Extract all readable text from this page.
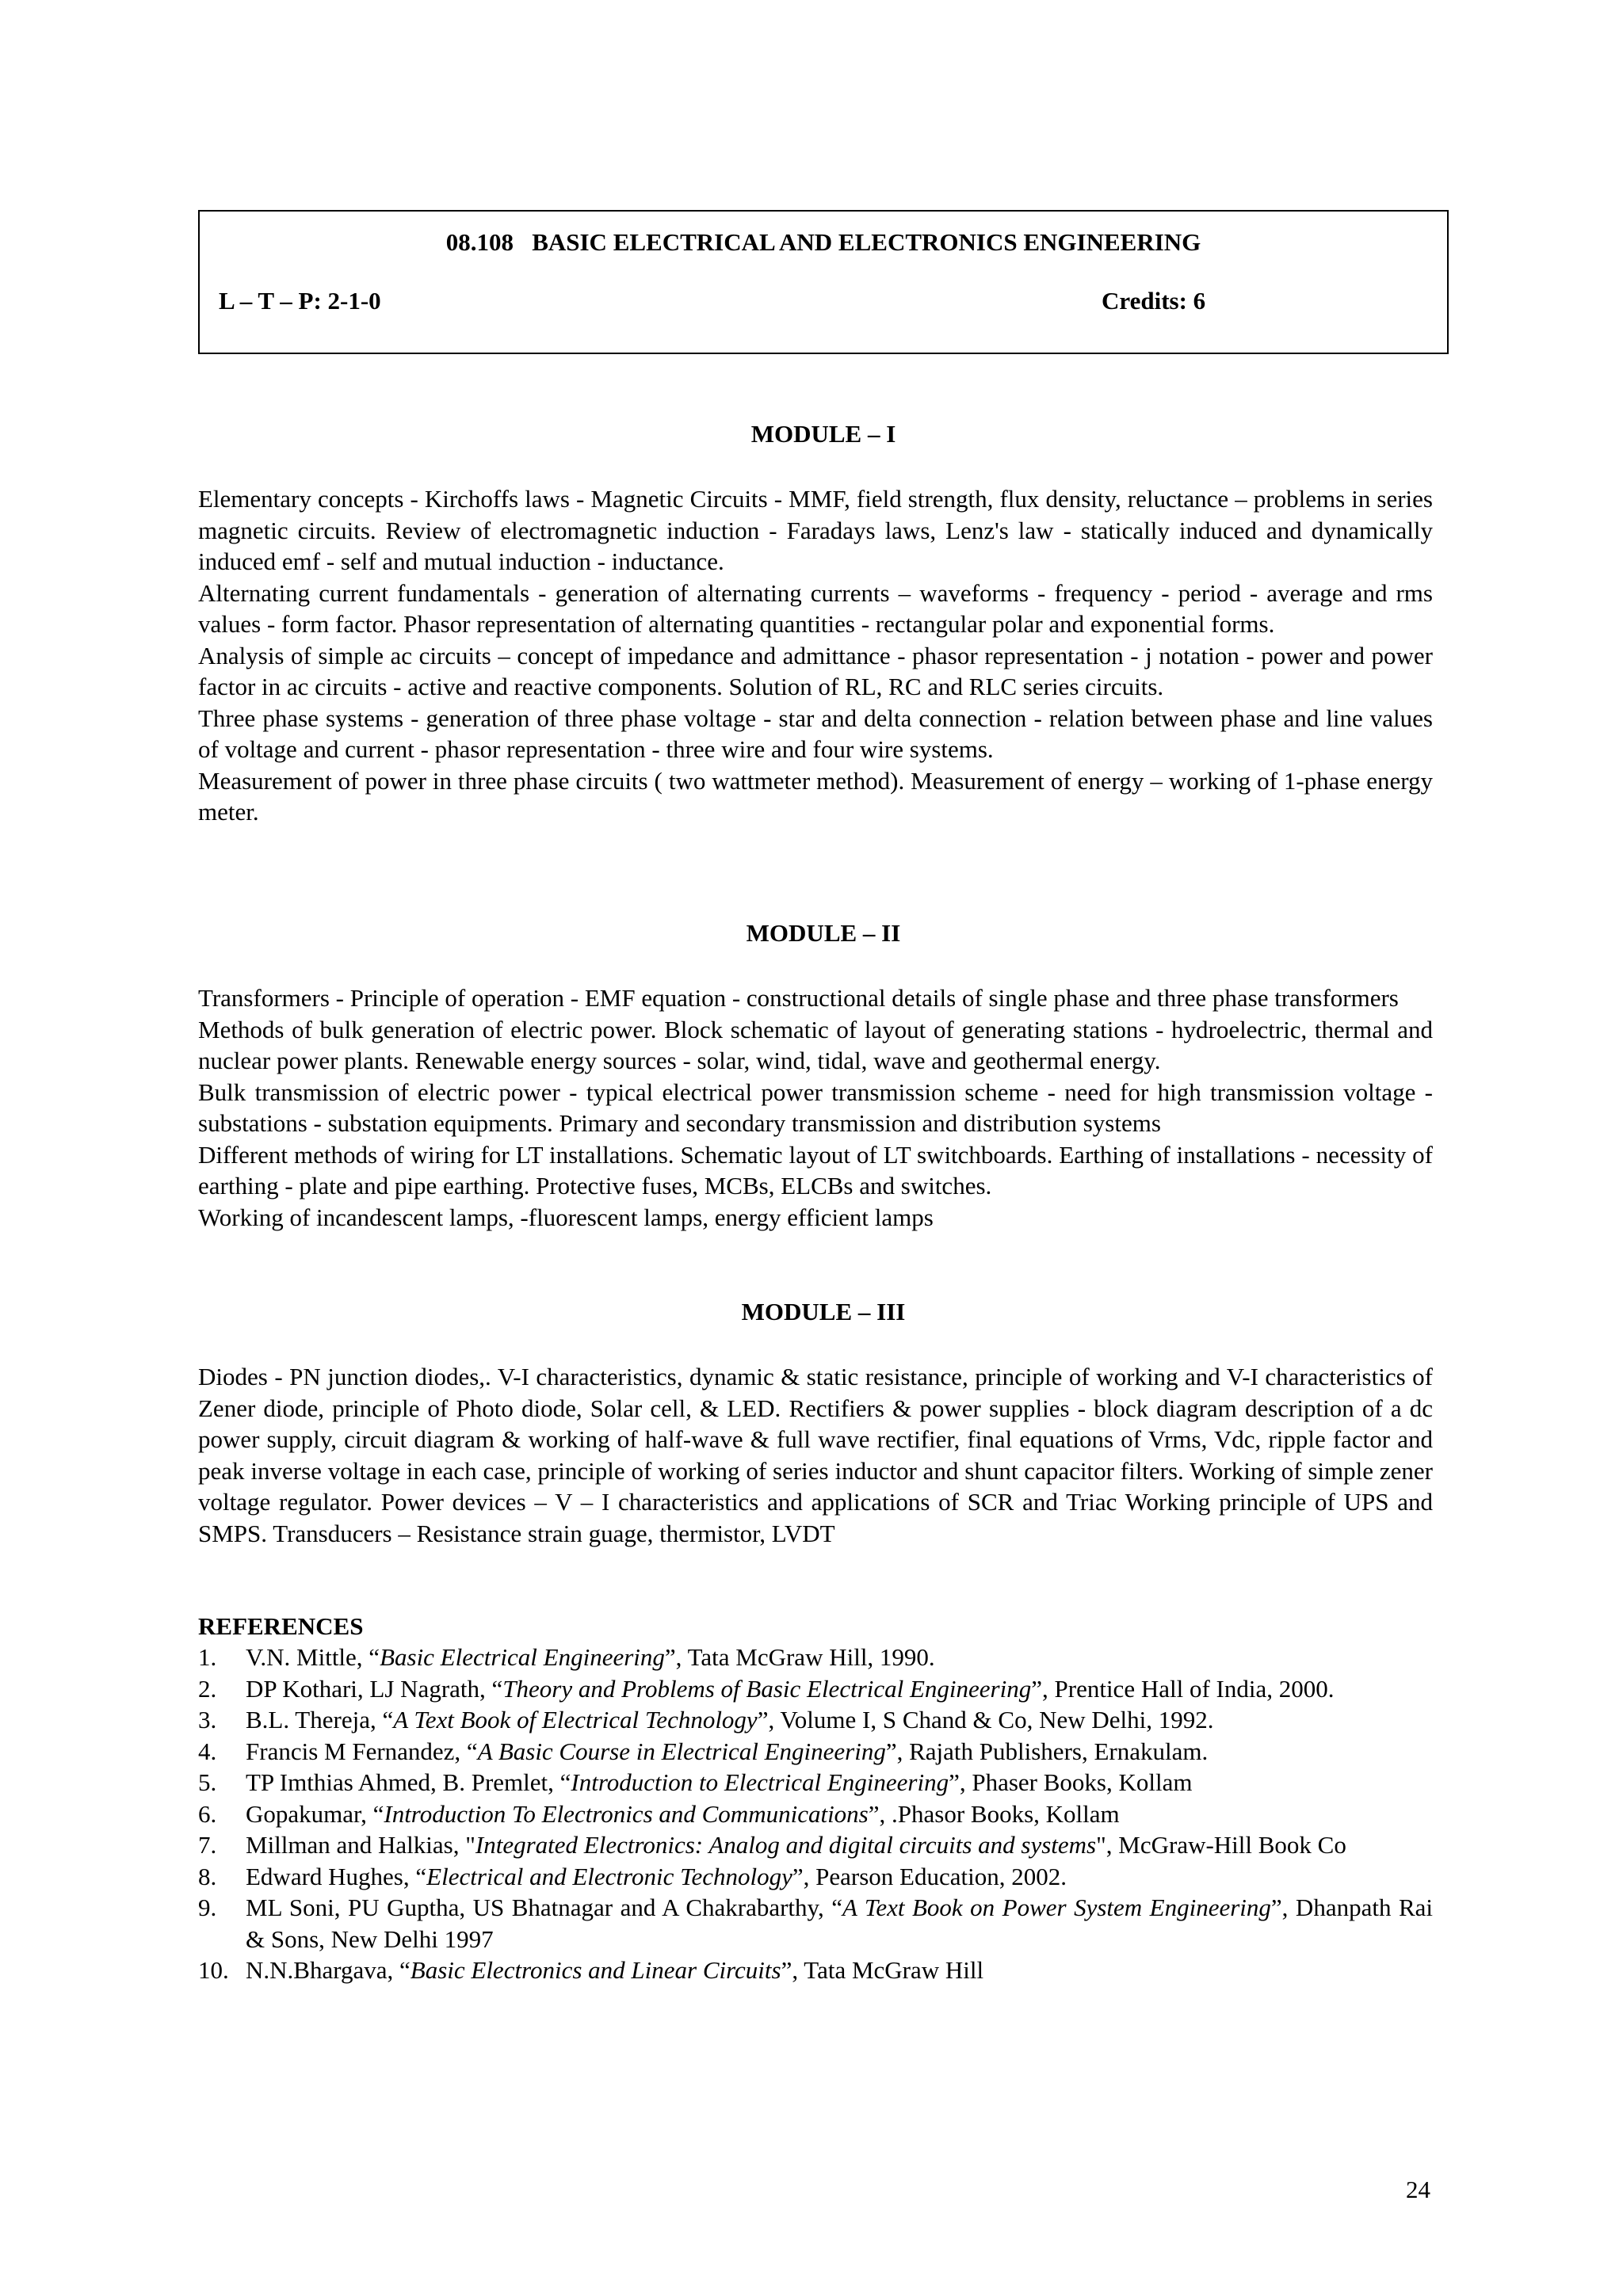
08.108   BASIC ELECTRICAL AND ELECTRONICS ENGINEERING
L – T – P: 2-1-0	Credits: 6
MODULE – I

Elementary concepts - Kirchoffs laws - Magnetic Circuits - MMF, field strength, flux density, reluctance – problems in series magnetic circuits. Review of electromagnetic induction - Faradays laws, Lenz's law - statically induced and dynamically induced emf - self and mutual induction - inductance.

Alternating current fundamentals - generation of alternating currents – waveforms - frequency - period - average and rms values - form factor. Phasor representation of alternating quantities - rectangular polar and exponential forms.

Analysis of simple ac circuits – concept of impedance and admittance - phasor representation - j notation - power and power factor in ac circuits - active and reactive components. Solution of RL, RC and RLC series circuits.

Three phase systems - generation of three phase voltage - star and delta connection - relation between phase and line values of voltage and current - phasor representation - three wire and four wire systems.

Measurement of power in three phase circuits ( two wattmeter method). Measurement of energy – working of 1-phase energy meter.

MODULE – II

Transformers - Principle of operation - EMF equation - constructional details of single phase and three phase transformers

Methods of bulk generation of electric power. Block schematic of layout of generating stations - hydroelectric, thermal and nuclear power plants. Renewable energy sources - solar, wind, tidal, wave and geothermal energy.

Bulk transmission of electric power - typical electrical power transmission scheme - need for high transmission voltage - substations - substation equipments. Primary and secondary transmission and distribution systems

Different methods of wiring for LT installations. Schematic layout of LT switchboards. Earthing of installations - necessity of earthing - plate and pipe earthing. Protective fuses, MCBs, ELCBs and switches.

Working of incandescent lamps, -fluorescent lamps, energy efficient lamps

MODULE – III

Diodes - PN junction diodes,. V-I characteristics, dynamic & static resistance, principle of working and V-I characteristics of Zener diode, principle of Photo diode, Solar cell, & LED. Rectifiers & power supplies - block diagram description of a dc power supply, circuit diagram & working of half-wave & full wave rectifier, final equations of Vrms, Vdc, ripple factor and peak inverse voltage in each case, principle of working of series inductor and shunt capacitor filters. Working of simple zener voltage regulator. Power devices – V – I characteristics and applications of SCR and Triac Working principle of UPS and SMPS. Transducers – Resistance strain guage, thermistor, LVDT

REFERENCES
1. V.N. Mittle, “Basic Electrical Engineering”, Tata McGraw Hill, 1990.
2. DP Kothari, LJ Nagrath, “Theory and Problems of Basic Electrical Engineering”, Prentice Hall of India, 2000.
3. B.L. Thereja, “A Text Book of Electrical Technology”, Volume I, S Chand & Co, New Delhi, 1992.
4. Francis M Fernandez, “A Basic Course in Electrical Engineering”, Rajath Publishers, Ernakulam.
5. TP Imthias Ahmed, B. Premlet, “Introduction to Electrical Engineering”, Phaser Books, Kollam
6. Gopakumar, “Introduction To Electronics and Communications”, .Phasor Books, Kollam
7. Millman and Halkias, "Integrated Electronics: Analog and digital circuits and systems", McGraw-Hill Book Co
8. Edward Hughes, “Electrical and Electronic Technology”, Pearson Education, 2002.
9. ML Soni, PU Guptha, US Bhatnagar and A Chakrabarthy, “A Text Book on Power System Engineering”, Dhanpath Rai & Sons, New Delhi 1997
10. N.N.Bhargava, “Basic Electronics and Linear Circuits”, Tata McGraw Hill
24
